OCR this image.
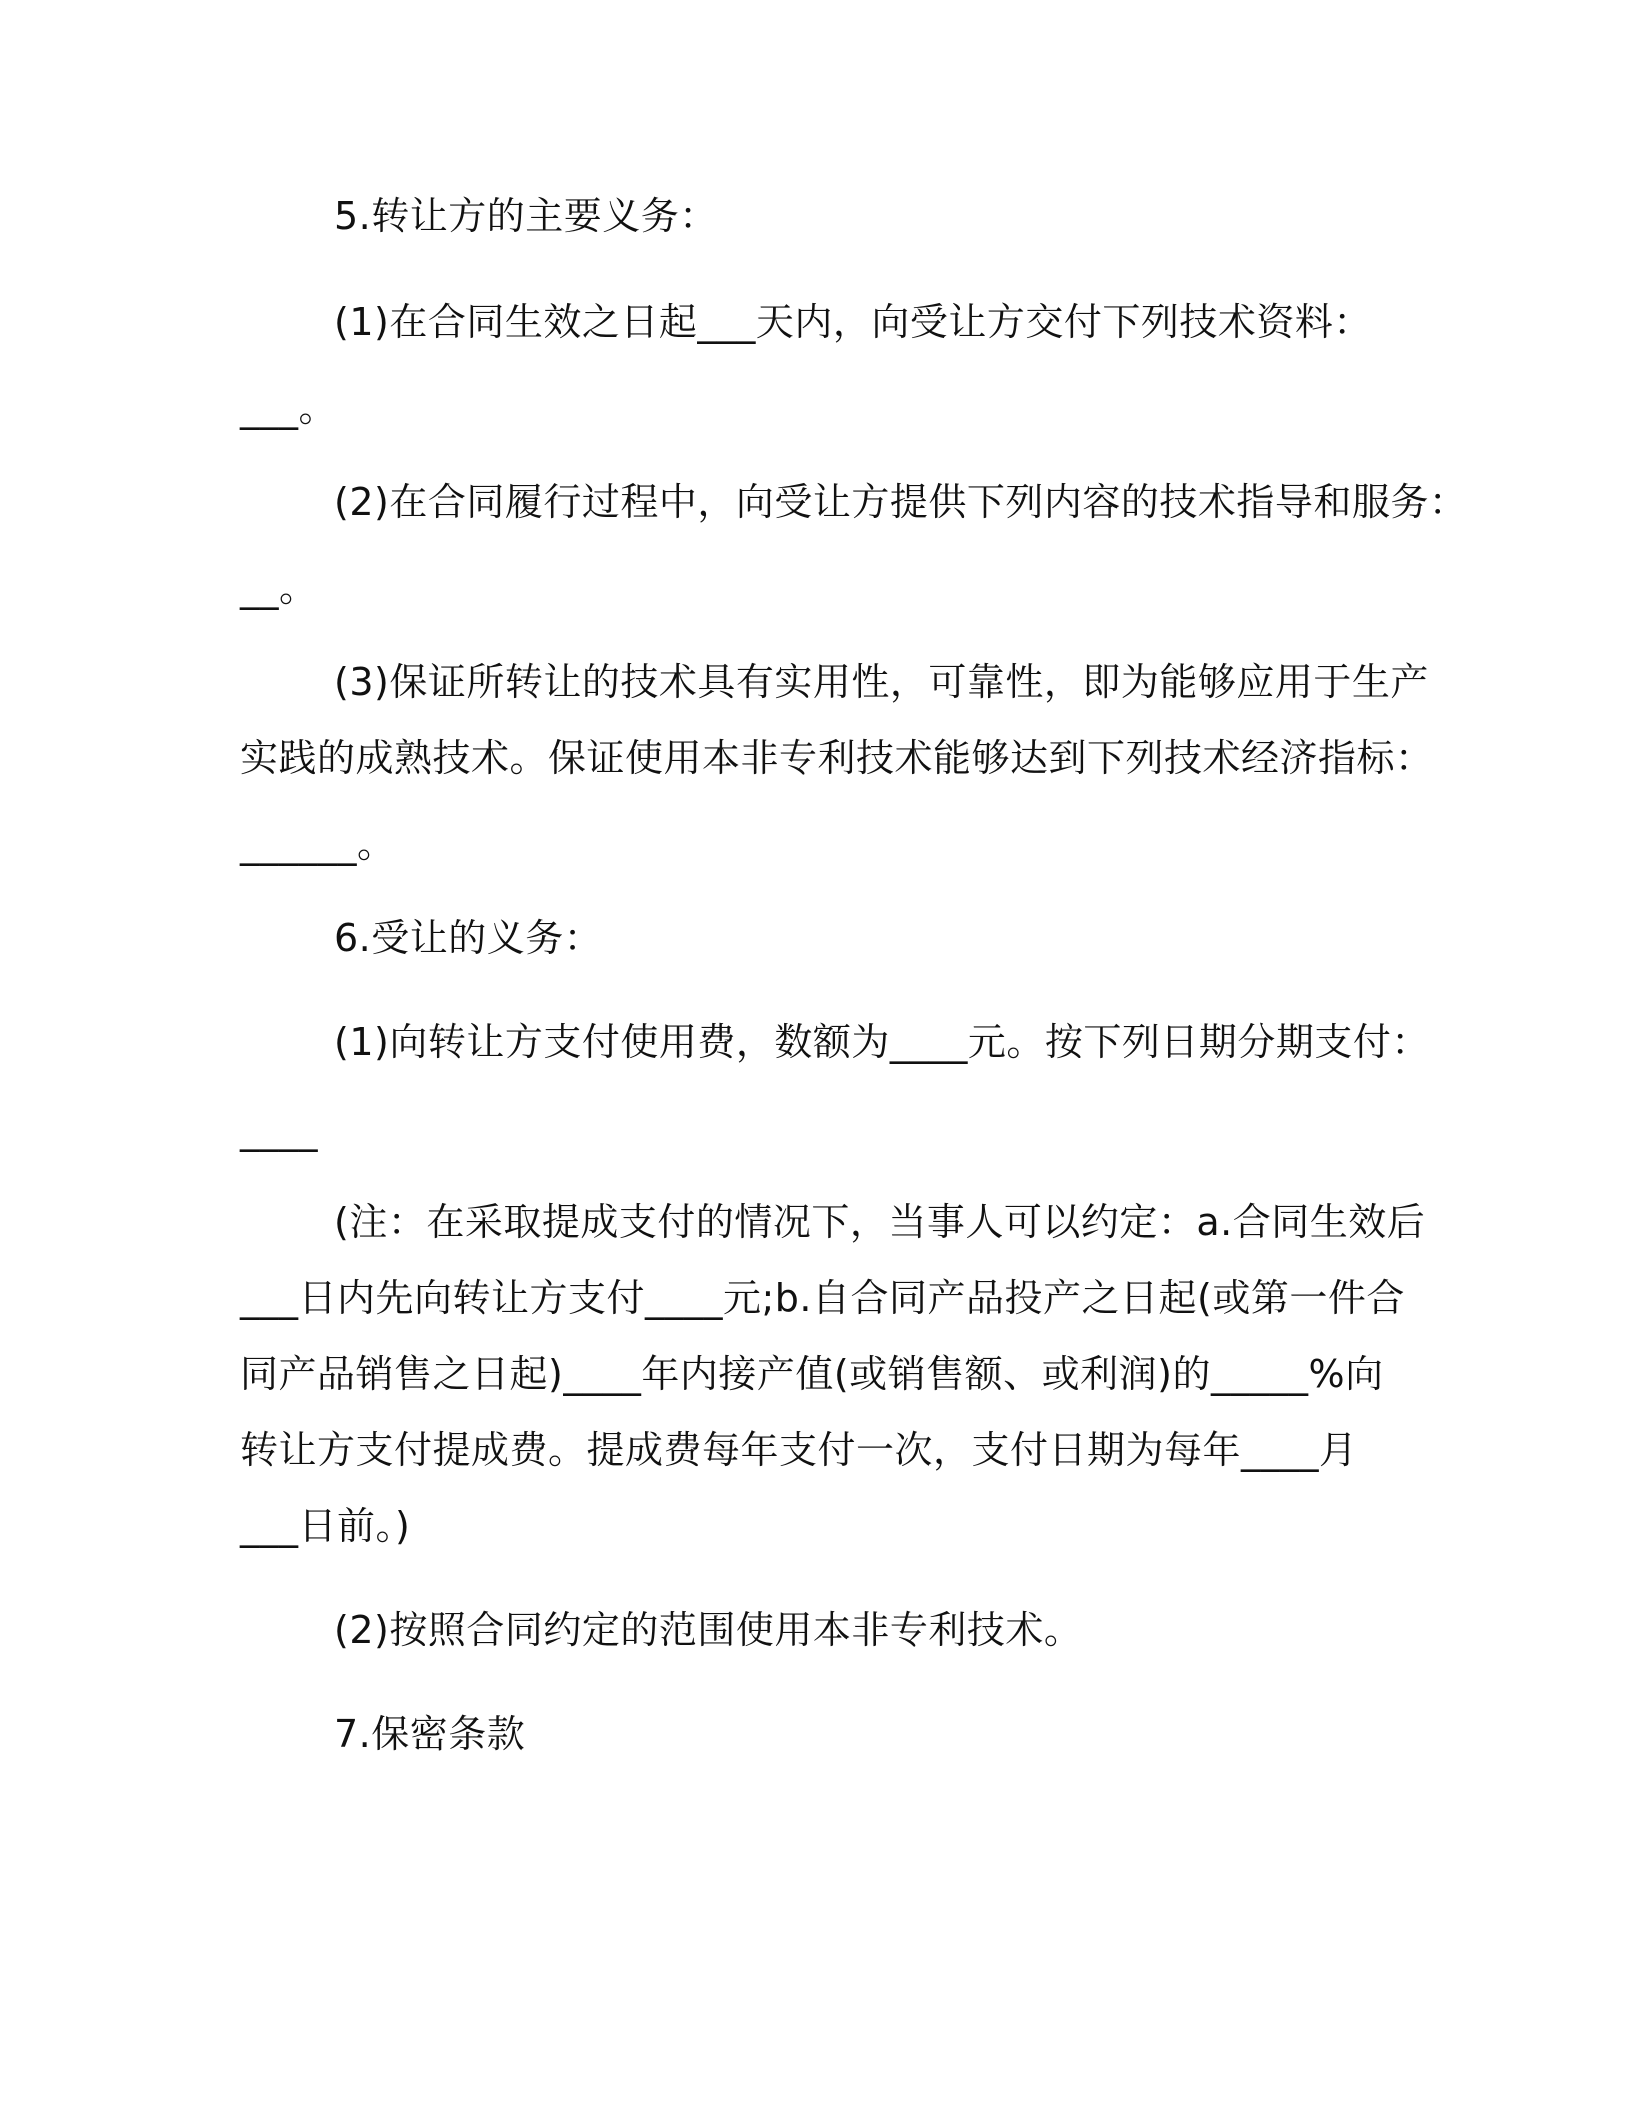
5.转让方的主要义务：
(1)在合同生效之日起___天内，向受让方交付下列技术资料：
___。
(2)在合同履行过程中，向受让方提供下列内容的技术指导和服务：
__。
(3)保证所转让的技术具有实用性，可靠性，即为能够应用于生产
实践的成熟技术。保证使用本非专利技术能够达到下列技术经济指标：
______。
6.受让的义务：
(1)向转让方支付使用费，数额为____元。按下列日期分期支付：
____
(注：在采取提成支付的情况下，当事人可以约定：a.合同生效后
___日内先向转让方支付____元;b.自合同产品投产之日起(或第一件合
同产品销售之日起)____年内接产值(或销售额、或利润)的_____%向
转让方支付提成费。提成费每年支付一次，支付日期为每年____月
___日前。)
(2)按照合同约定的范围使用本非专利技术。
7.保密条款
